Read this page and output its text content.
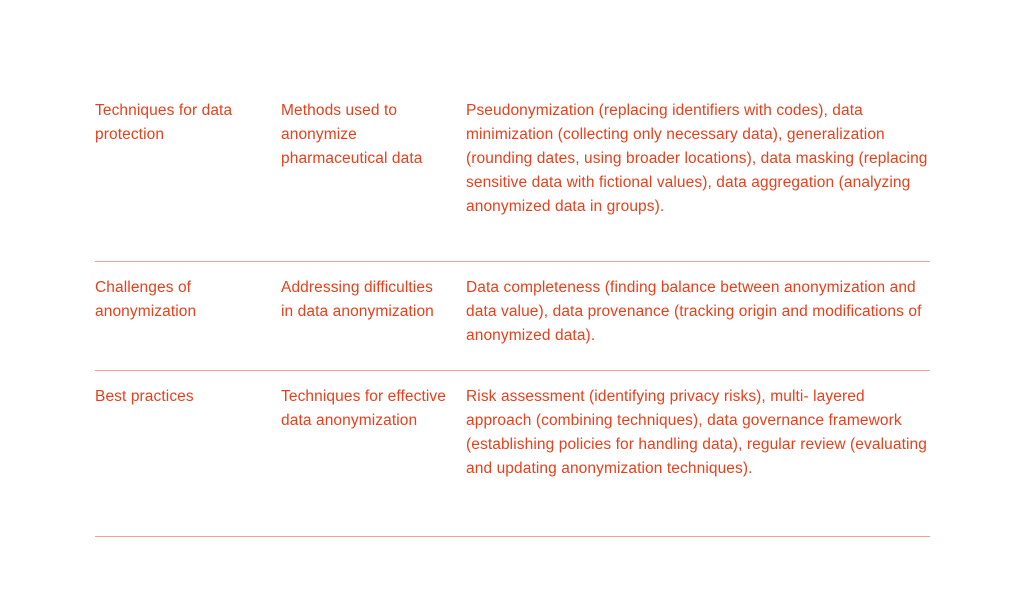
Techniques for data protection
Methods used to anonymize pharmaceutical data
Pseudonymization (replacing identifiers with codes), data minimization (collecting only necessary data), generalization (rounding dates, using broader locations), data masking (replacing sensitive data with fictional values), data aggregation (analyzing anonymized data in groups).
Challenges of anonymization
Addressing difficulties in data anonymization
Data completeness (finding balance between anonymization and data value), data provenance (tracking origin and modifications of anonymized data).
Best practices	Techniques for effective data anonymization
Risk assessment (identifying privacy risks), multi- layered approach (combining techniques), data governance framework (establishing policies for handling data), regular review (evaluating and updating anonymization techniques).
